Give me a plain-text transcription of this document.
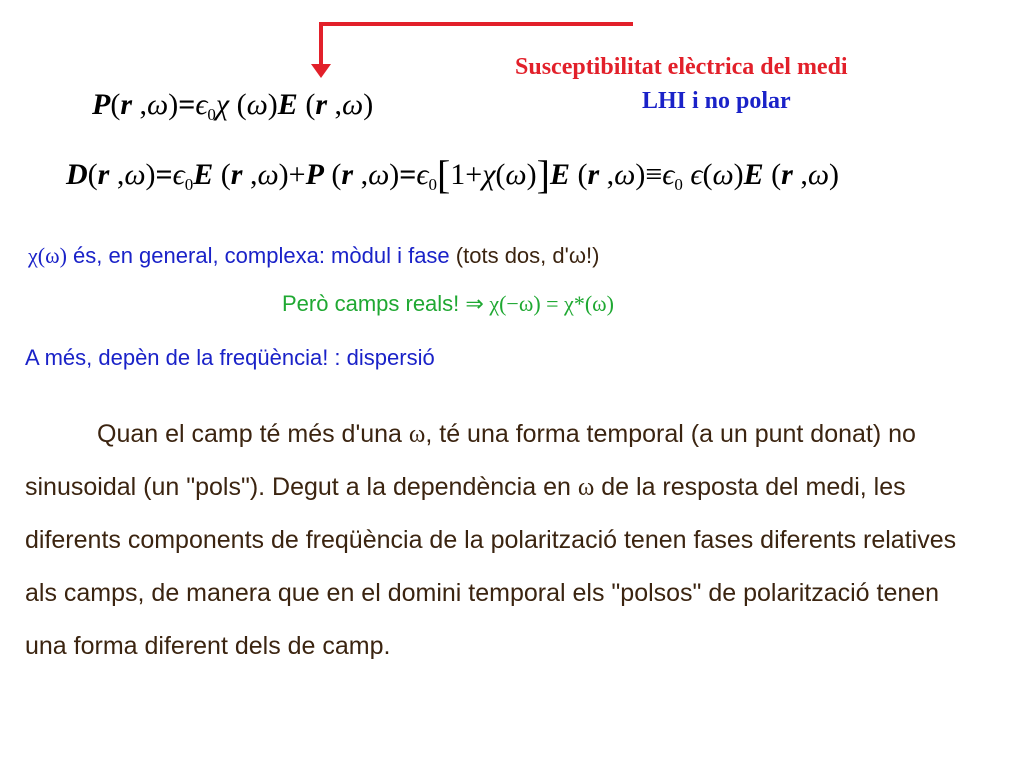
Susceptibilitat elèctrica del medi
LHI i no polar
P(r $,\omega)=\epsilon_0\chi$ (ω)E (r ,ω)
D(r $,\omega)=\epsilon_0E$ (r ,ω)+P (r $,\omega)=\epsilon_0[1+\chi(\omega)]E$ (r $,\omega)\equiv\epsilon_0$ ϵ(ω)E (r ,ω)
χ(ω) és, en general, complexa: mòdul i fase (tots dos, d'ω!)
Però camps reals! ⇒ χ(−ω) = χ*(ω)
A més, depèn de la freqüència! : dispersió
Quan el camp té més d'una ω, té una forma temporal (a un punt donat) no sinusoidal (un "pols"). Degut a la dependència en ω de la resposta del medi, les diferents components de freqüència de la polarització tenen fases diferents relatives als camps, de manera que en el domini temporal els "polsos" de polarització tenen una forma diferent dels de camp.
